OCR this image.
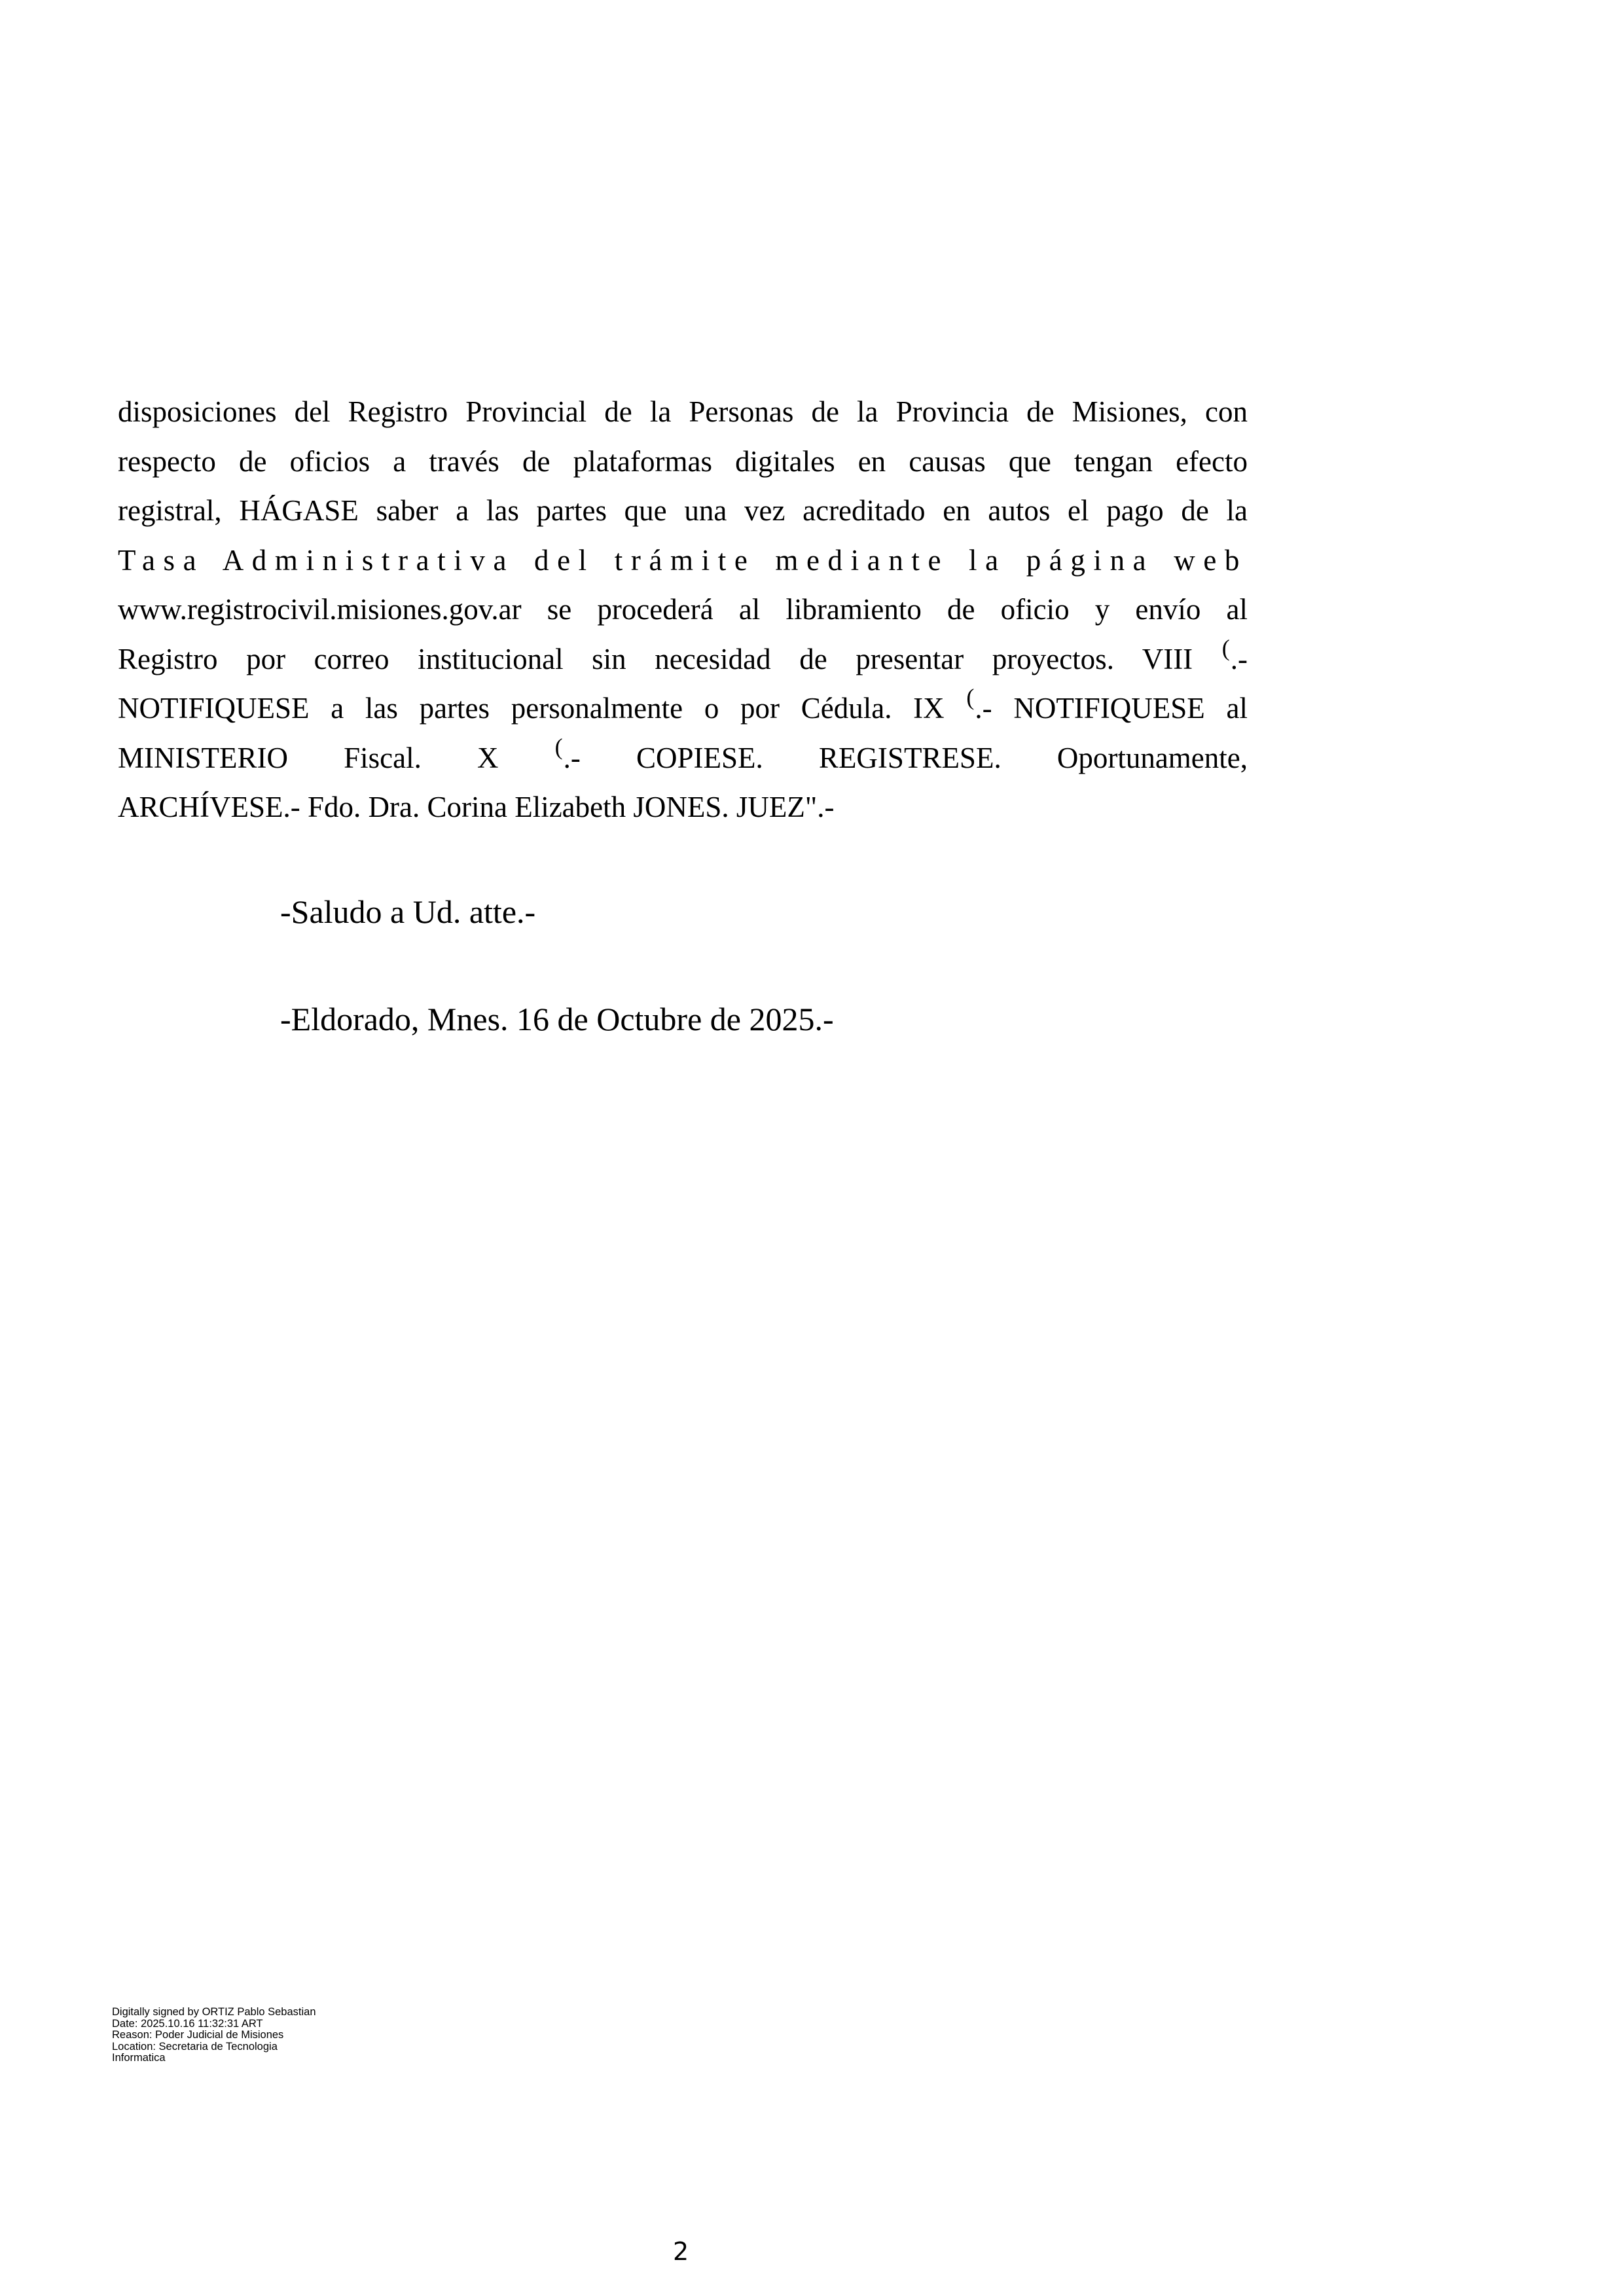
disposiciones del Registro Provincial de la Personas de la Provincia de Misiones, con
respecto de oficios a través de plataformas digitales en causas que tengan efecto
registral, HÁGASE saber a las partes que una vez acreditado en autos el pago de la
Tasa Administrativa del trámite mediante la página web
www.registrocivil.misiones.gov.ar se procederá al libramiento de oficio y envío al
Registro por correo institucional sin necesidad de presentar proyectos. VIII (.-
NOTIFIQUESE a las partes personalmente o por Cédula. IX (.- NOTIFIQUESE al
MINISTERIO Fiscal. X (.- COPIESE. REGISTRESE. Oportunamente,
ARCHÍVESE.- Fdo. Dra. Corina Elizabeth JONES. JUEZ".-
-Saludo a Ud. atte.-
-Eldorado, Mnes. 16 de Octubre de 2025.-
Digitally signed by ORTIZ Pablo Sebastian
Date: 2025.10.16 11:32:31 ART
Reason: Poder Judicial de Misiones
Location: Secretaria de Tecnologia
Informatica
2
